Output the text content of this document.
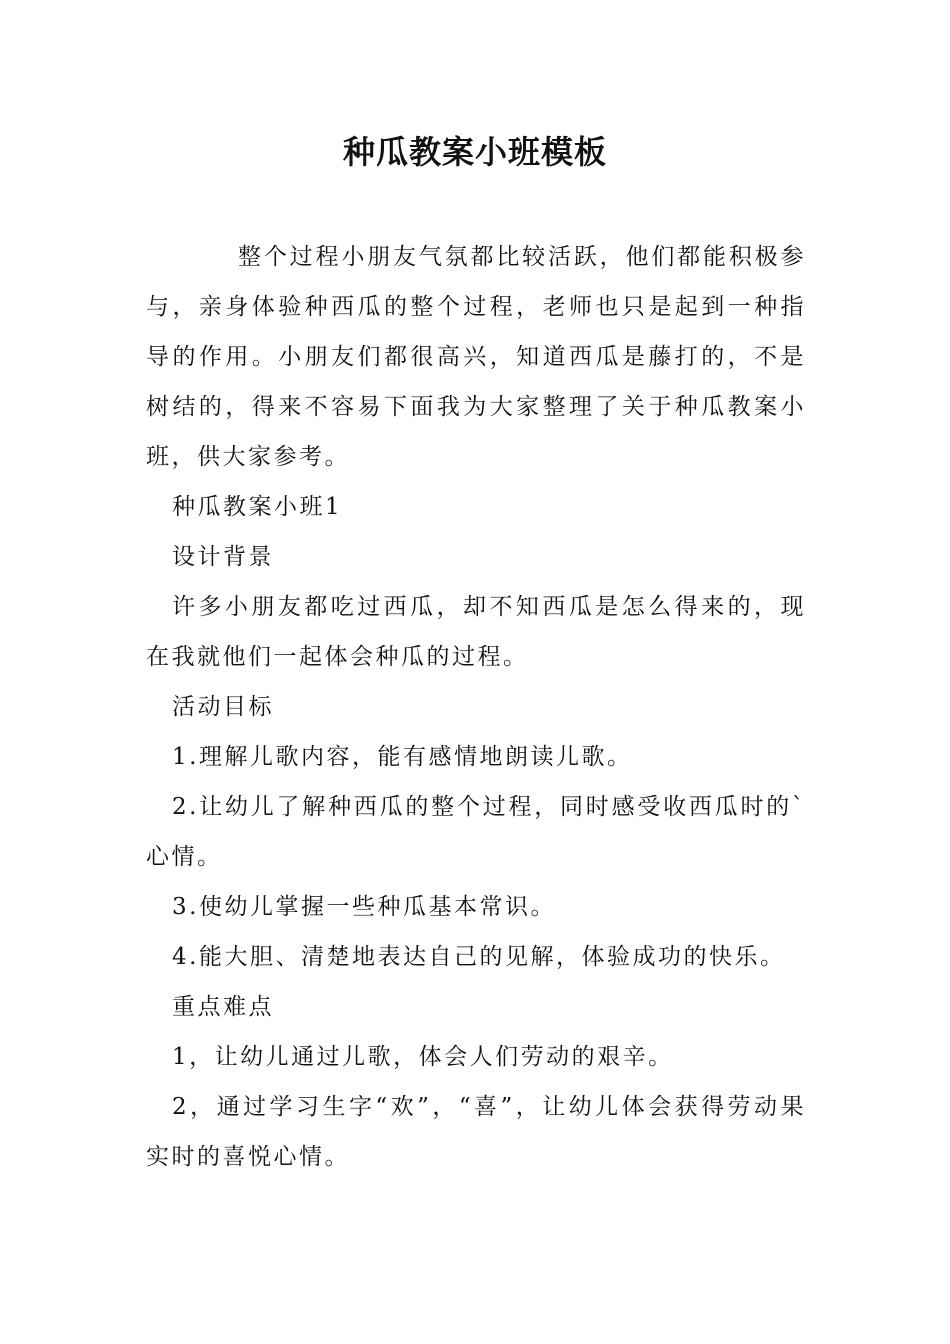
种瓜教案小班模板

整个过程小朋友气氛都比较活跃，他们都能积极参与，亲身体验种西瓜的整个过程，老师也只是起到一种指导的作用。小朋友们都很高兴，知道西瓜是藤打的，不是树结的，得来不容易下面我为大家整理了关于种瓜教案小班，供大家参考。

种瓜教案小班1

设计背景

许多小朋友都吃过西瓜，却不知西瓜是怎么得来的，现在我就他们一起体会种瓜的过程。

活动目标

1.理解儿歌内容，能有感情地朗读儿歌。

2.让幼儿了解种西瓜的整个过程，同时感受收西瓜时的`心情。

3.使幼儿掌握一些种瓜基本常识。

4.能大胆、清楚地表达自己的见解，体验成功的快乐。

重点难点

1，让幼儿通过儿歌，体会人们劳动的艰辛。

2，通过学习生字“欢”，“喜”，让幼儿体会获得劳动果实时的喜悦心情。
